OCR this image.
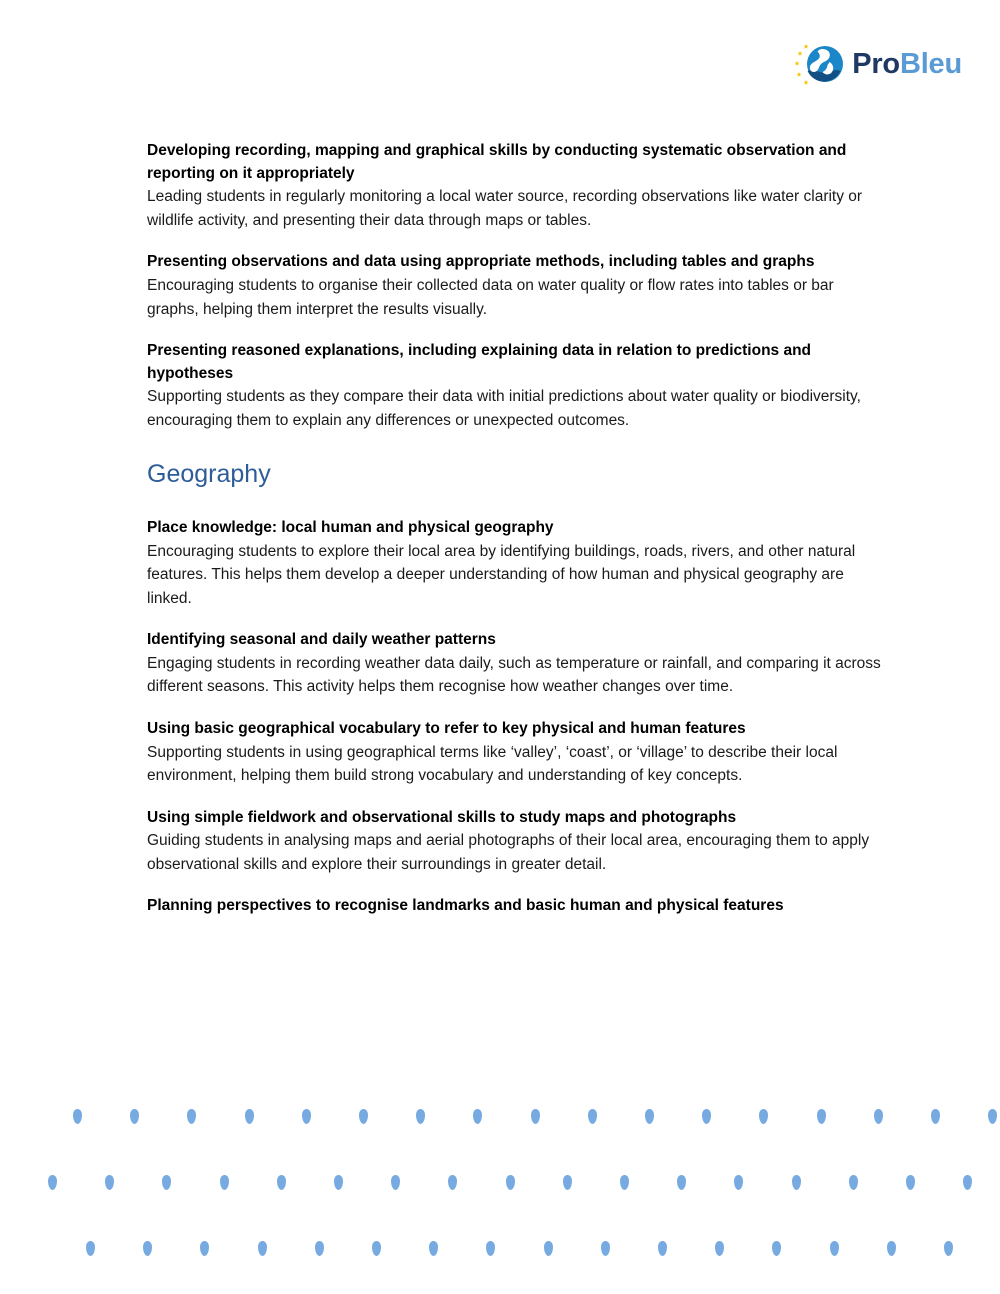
ProBleu

Developing recording, mapping and graphical skills by conducting systematic observation and reporting on it appropriately

Leading students in regularly monitoring a local water source, recording observations like water clarity or wildlife activity, and presenting their data through maps or tables.

Presenting observations and data using appropriate methods, including tables and graphs

Encouraging students to organise their collected data on water quality or flow rates into tables or bar graphs, helping them interpret the results visually.

Presenting reasoned explanations, including explaining data in relation to predictions and hypotheses

Supporting students as they compare their data with initial predictions about water quality or biodiversity, encouraging them to explain any differences or unexpected outcomes.

Geography

Place knowledge: local human and physical geography

Encouraging students to explore their local area by identifying buildings, roads, rivers, and other natural features. This helps them develop a deeper understanding of how human and physical geography are linked.

Identifying seasonal and daily weather patterns

Engaging students in recording weather data daily, such as temperature or rainfall, and comparing it across different seasons. This activity helps them recognise how weather changes over time.

Using basic geographical vocabulary to refer to key physical and human features

Supporting students in using geographical terms like ‘valley’, ‘coast’, or ‘village’ to describe their local environment, helping them build strong vocabulary and understanding of key concepts.

Using simple fieldwork and observational skills to study maps and photographs

Guiding students in analysing maps and aerial photographs of their local area, encouraging them to apply observational skills and explore their surroundings in greater detail.

Planning perspectives to recognise landmarks and basic human and physical features
